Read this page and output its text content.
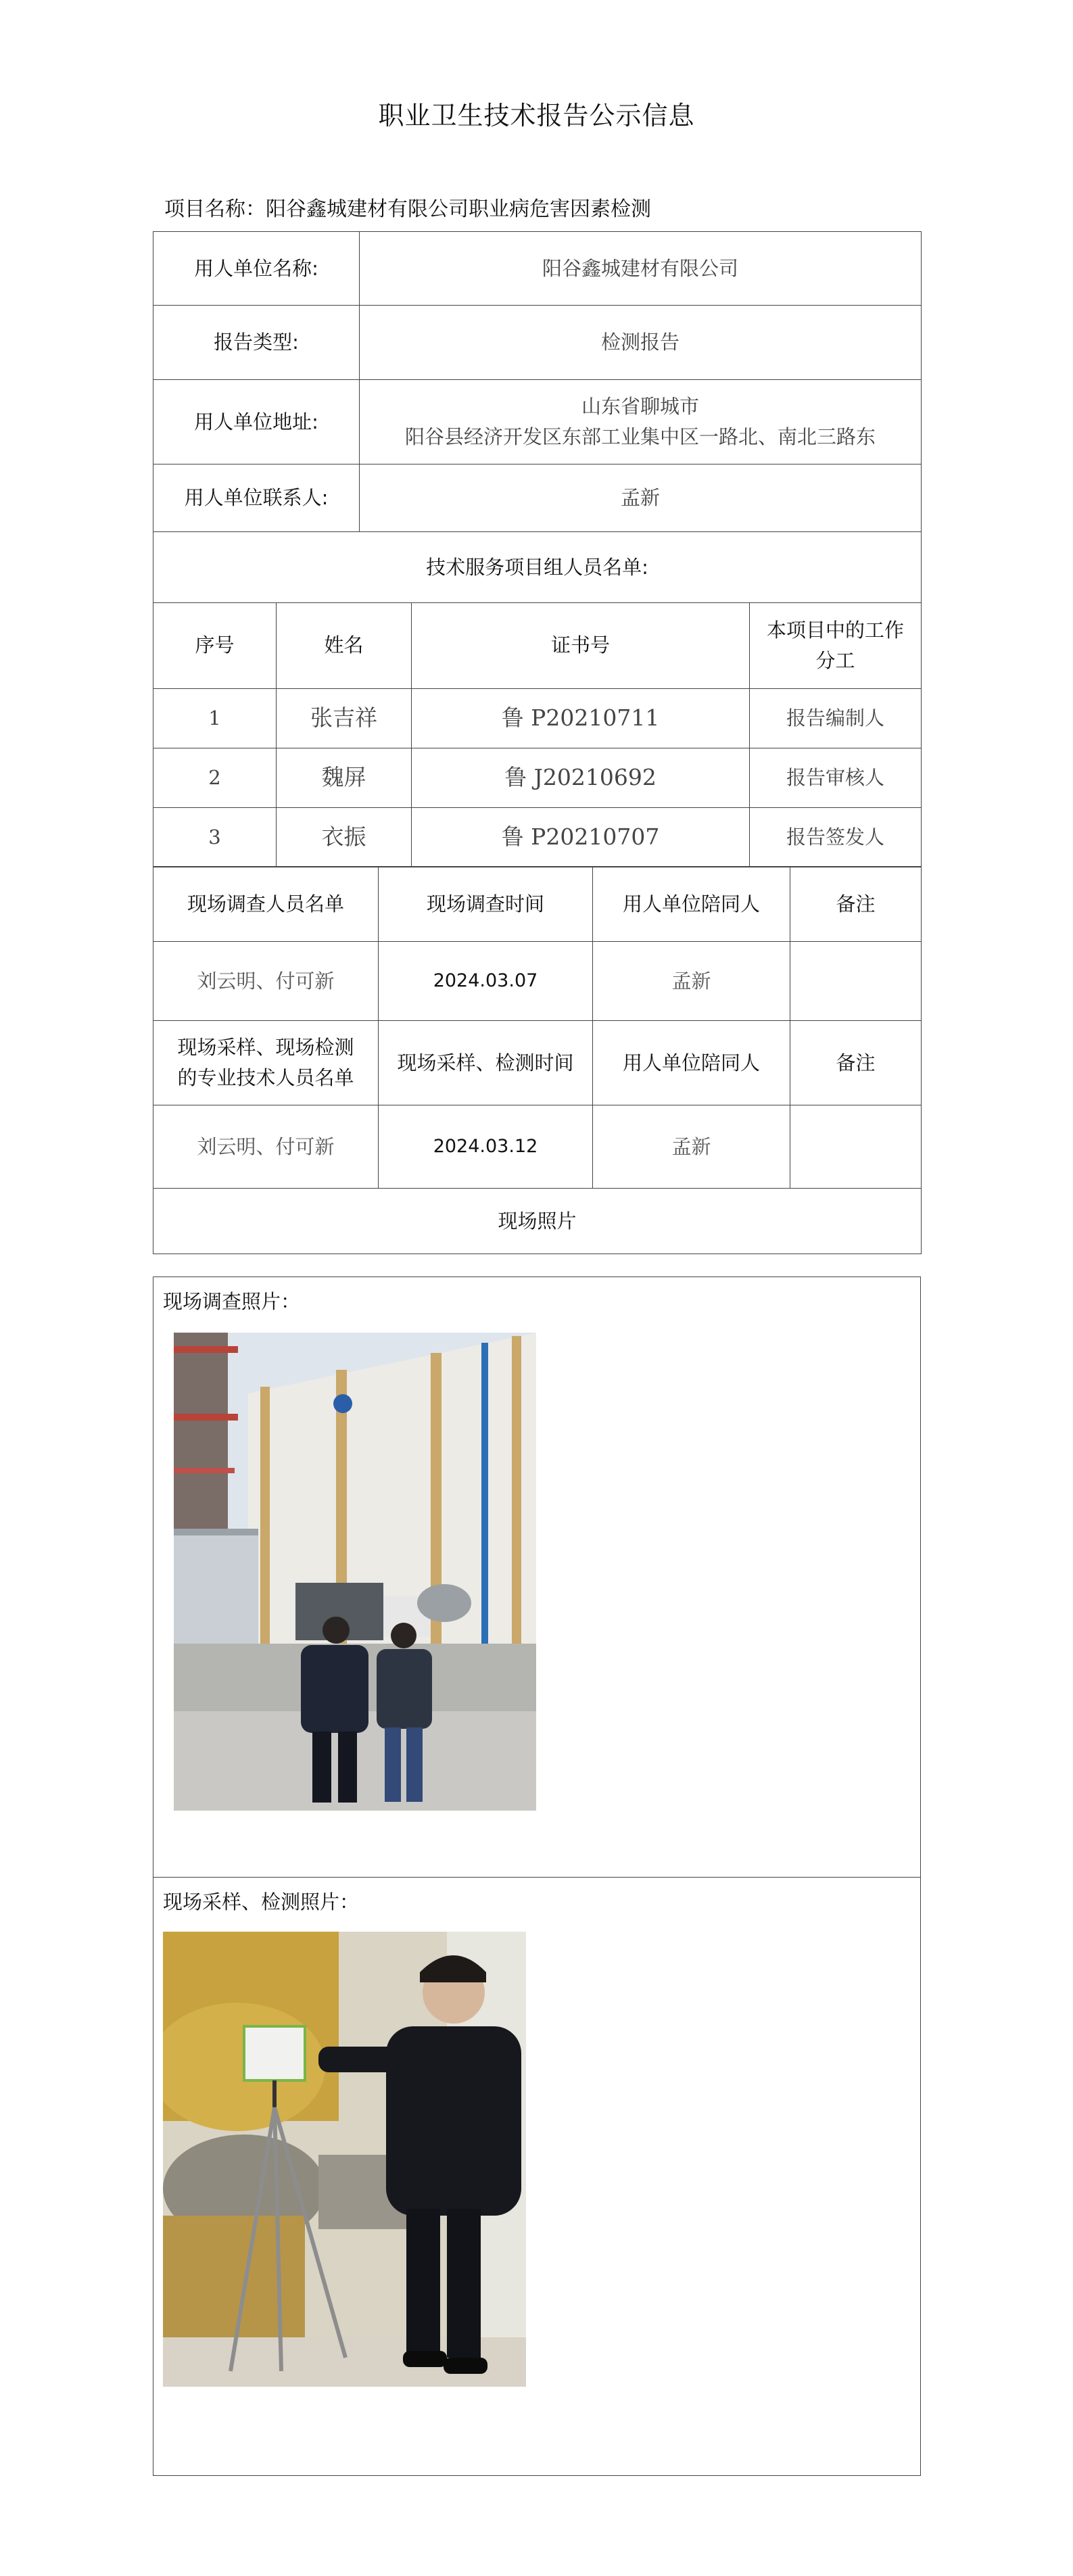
职业卫生技术报告公示信息
项目名称：阳谷鑫城建材有限公司职业病危害因素检测
用人单位名称:	阳谷鑫城建材有限公司
报告类型:	检测报告
用人单位地址:	山东省聊城市
阳谷县经济开发区东部工业集中区一路北、南北三路东

用人单位联系人:	孟新
技术服务项目组人员名单:	
序号	姓名	证书号	本项目中的工作
分工

1	张吉祥	鲁 P20210711	报告编制人
2	魏屏	鲁 J20210692	报告审核人
3	衣振	鲁 P20210707	报告签发人
现场调查人员名单	现场调查时间	用人单位陪同人	备注
刘云明、付可新	2024.03.07	孟新	

现场采样、现场检测
的专业技术人员名单	现场采样、检测时间	用人单位陪同人	备注
刘云明、付可新	2024.03.12	孟新	
现场照片			
现场调查照片：
现场采样、检测照片：
